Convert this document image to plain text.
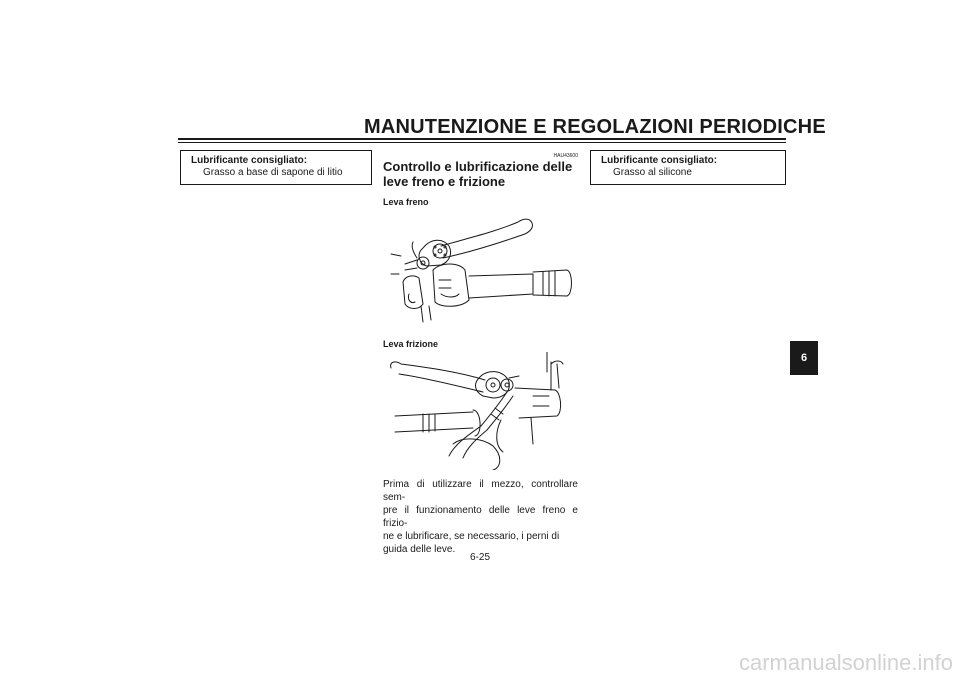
MANUTENZIONE E REGOLAZIONI PERIODICHE
Lubrificante consigliato:
Grasso a base di sapone di litio
HAU43600
Controllo e lubrificazione delle
leve freno e frizione
Leva freno
Leva frizione
Prima di utilizzare il mezzo, controllare sem-
pre il funzionamento delle leve freno e frizio-
ne e lubrificare, se necessario, i perni di
guida delle leve.
Lubrificante consigliato:
Grasso al silicone
6-25
6
carmanualsonline.info
